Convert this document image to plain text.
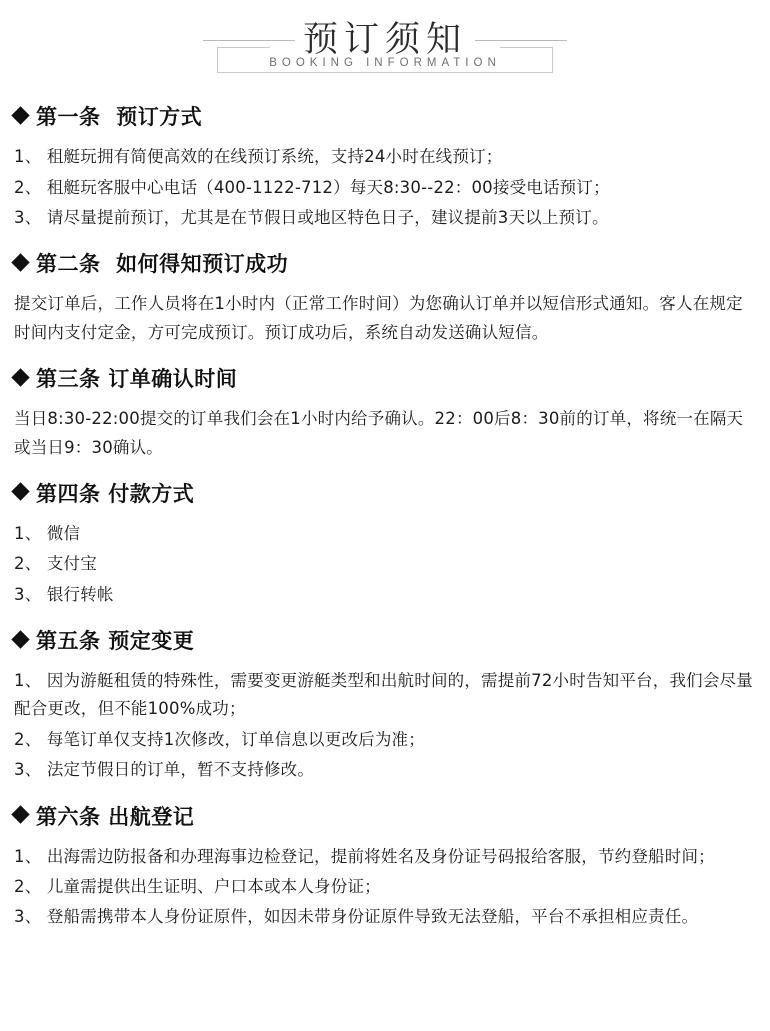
预订须知
BOOKING INFORMATION
第一条  预订方式
1、 租艇玩拥有简便高效的在线预订系统，支持24小时在线预订；
2、 租艇玩客服中心电话（400-1122-712）每天8:30--22：00接受电话预订；
3、 请尽量提前预订，尤其是在节假日或地区特色日子，建议提前3天以上预订。
第二条  如何得知预订成功

提交订单后，工作人员将在1小时内（正常工作时间）为您确认订单并以短信形式通知。客人在规定时间内支付定金，方可完成预订。预订成功后，系统自动发送确认短信。

第三条 订单确认时间

当日8:30-22:00提交的订单我们会在1小时内给予确认。22：00后8：30前的订单，将统一在隔天或当日9：30确认。

第四条 付款方式
1、 微信
2、 支付宝
3、 银行转帐
第五条 预定变更
1、 因为游艇租赁的特殊性，需要变更游艇类型和出航时间的，需提前72小时告知平台，我们会尽量配合更改，但不能100%成功；
2、 每笔订单仅支持1次修改，订单信息以更改后为准；
3、 法定节假日的订单，暂不支持修改。
第六条 出航登记
1、 出海需边防报备和办理海事边检登记，提前将姓名及身份证号码报给客服，节约登船时间；
2、 儿童需提供出生证明、户口本或本人身份证；
3、 登船需携带本人身份证原件，如因未带身份证原件导致无法登船，平台不承担相应责任。
